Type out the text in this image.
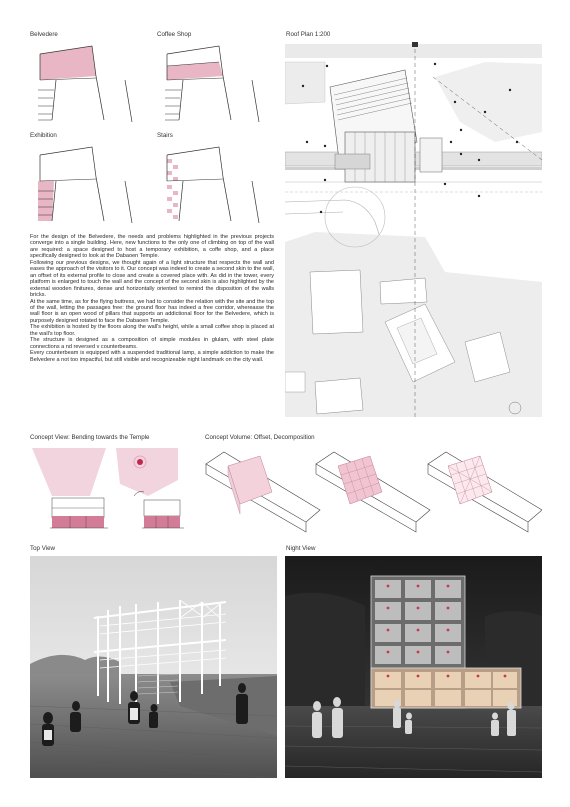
Belvedere	Coffee Shop
Exhibition	Stairs
Roof Plan 1:200

For the design of the Belvedere, the needs and problems highlighted in the previous projects converge into a single building. Here, new functions to the only one of climbing on top of the wall are required: a space designed to host a temporary exhibition, a coffe shop, and a place specifically designed to look at the Dabaoen Temple.

Following our previous designs, we thought again of a light structure that respects the wall and eases the approach of the visitors to it. Our concept was indeed to create a second skin to the wall, an offset of its external profile to close and create a covered place with. As did in the tower, every platform is enlarged to touch the wall and the concept of the second skin is also highlighted by the external wooden finitures, dense and horizontally oriented to remind the disposition of the walls bricks.

At the same time, as for the flying buttress, we had to consider the relation with the site and the top of the wall, letting the passages free: the ground floor has indeed a free corridor, whereasse the wall floor is an open wood of pillars that supports an addictional floor for the Belvedere, which is purposely designed rotated to face the Dabaoen Temple.

The exhibition is hosted by the floors along the wall's height, while a small coffee shop is placed at the wall's top floor.

The structure is designed as a composition of simple modules in glulam, with steel plate connections a nd reversed v counterbeams.

Every counterbeam is equipped with a suspended traditional lamp, a simple addiction to make the Belvedere a not too impactful, but still visible and recognizeable night landmark on the city wall.

Concept View: Bending towards the Temple	Concept Volume: Offset, Decomposition
Top View	Night View
